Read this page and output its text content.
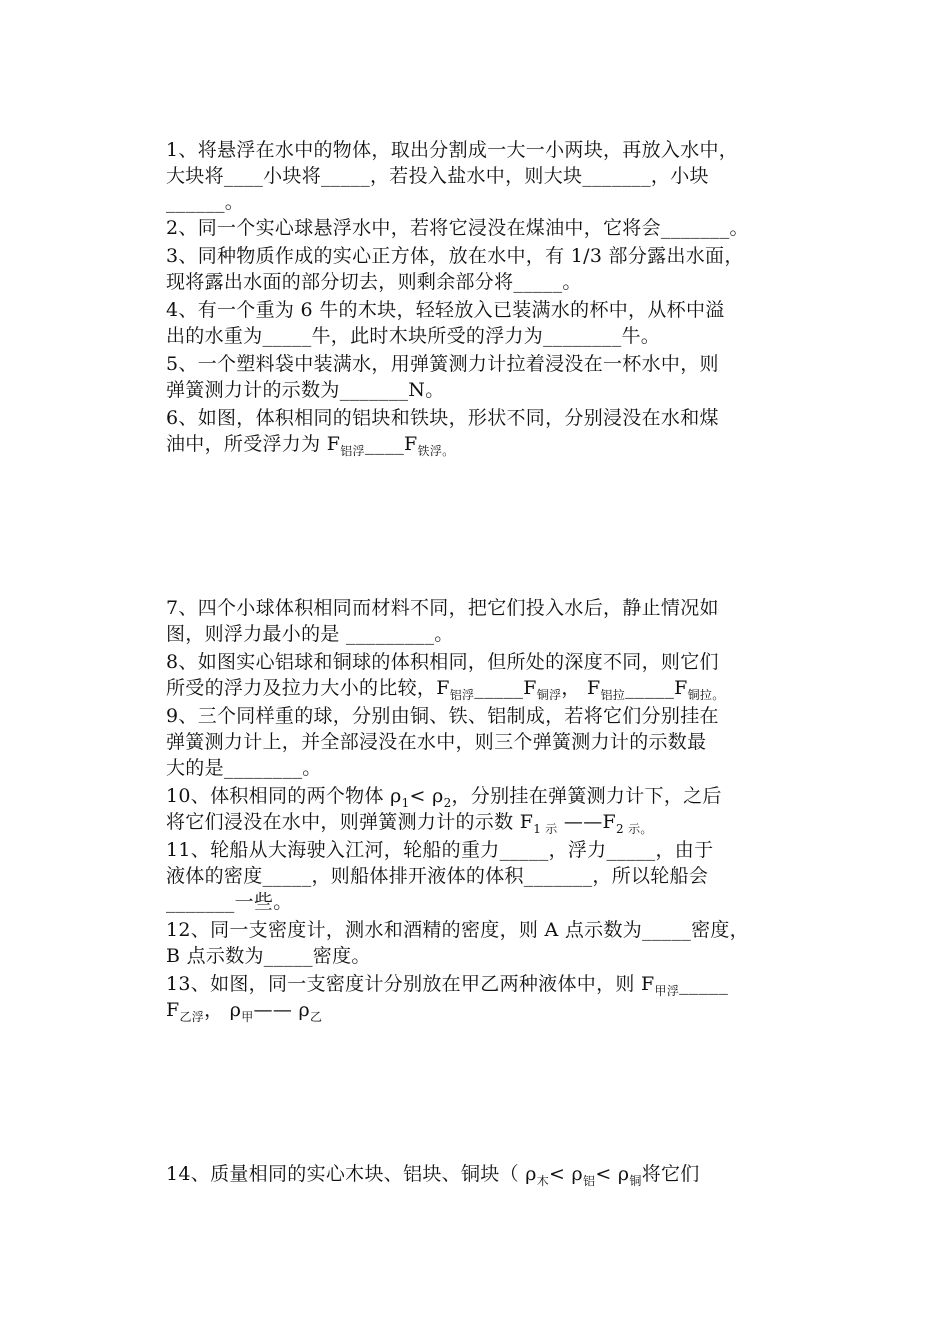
1、将悬浮在水中的物体，取出分割成一大一小两块，再放入水中，
大块将____小块将_____，若投入盐水中，则大块_______，小块
______。
2、同一个实心球悬浮水中，若将它浸没在煤油中，它将会_______。
3、同种物质作成的实心正方体，放在水中，有 1/3 部分露出水面，
现将露出水面的部分切去，则剩余部分将_____。
4、有一个重为 6 牛的木块，轻轻放入已装满水的杯中，从杯中溢
出的水重为_____牛，此时木块所受的浮力为________牛。
5、一个塑料袋中装满水，用弹簧测力计拉着浸没在一杯水中，则
弹簧测力计的示数为_______N。
6、如图，体积相同的铝块和铁块，形状不同，分别浸没在水和煤
油中，所受浮力为 $F_{铝浮}\_\_\_\_F_{铁浮。}$
7、四个小球体积相同而材料不同，把它们投入水后，静止情况如
图，则浮力最小的是 _________。
8、如图实心铝球和铜球的体积相同，但所处的深度不同，则它们
所受的浮力及拉力大小的比较，$F_{铝浮}\_\_\_\_\_F_{铜浮}$， $F_{铝拉}\_\_\_\_\_F_{铜拉。}$
9、三个同样重的球，分别由铜、铁、铝制成，若将它们分别挂在
弹簧测力计上，并全部浸没在水中，则三个弹簧测力计的示数最
大的是________。
10、体积相同的两个物体 $\rho_1< \rho_2$，分别挂在弹簧测力计下，之后
将它们浸没在水中，则弹簧测力计的示数 $F_{1 示}$ $——F_{2 示。}$
11、轮船从大海驶入江河，轮船的重力_____，浮力_____，由于
液体的密度_____，则船体排开液体的体积_______，所以轮船会
_______一些。
12、同一支密度计，测水和酒精的密度，则 A 点示数为_____密度，
B 点示数为_____密度。
13、如图，同一支密度计分别放在甲乙两种液体中，则 $F_{甲浮}\_\_\_\_\_$
$F_{乙浮}$， $\rho_甲——$ $\rho_乙$
14、质量相同的实心木块、铝块、铜块（ $\rho_木< \rho_铝< \rho_铜$将它们
